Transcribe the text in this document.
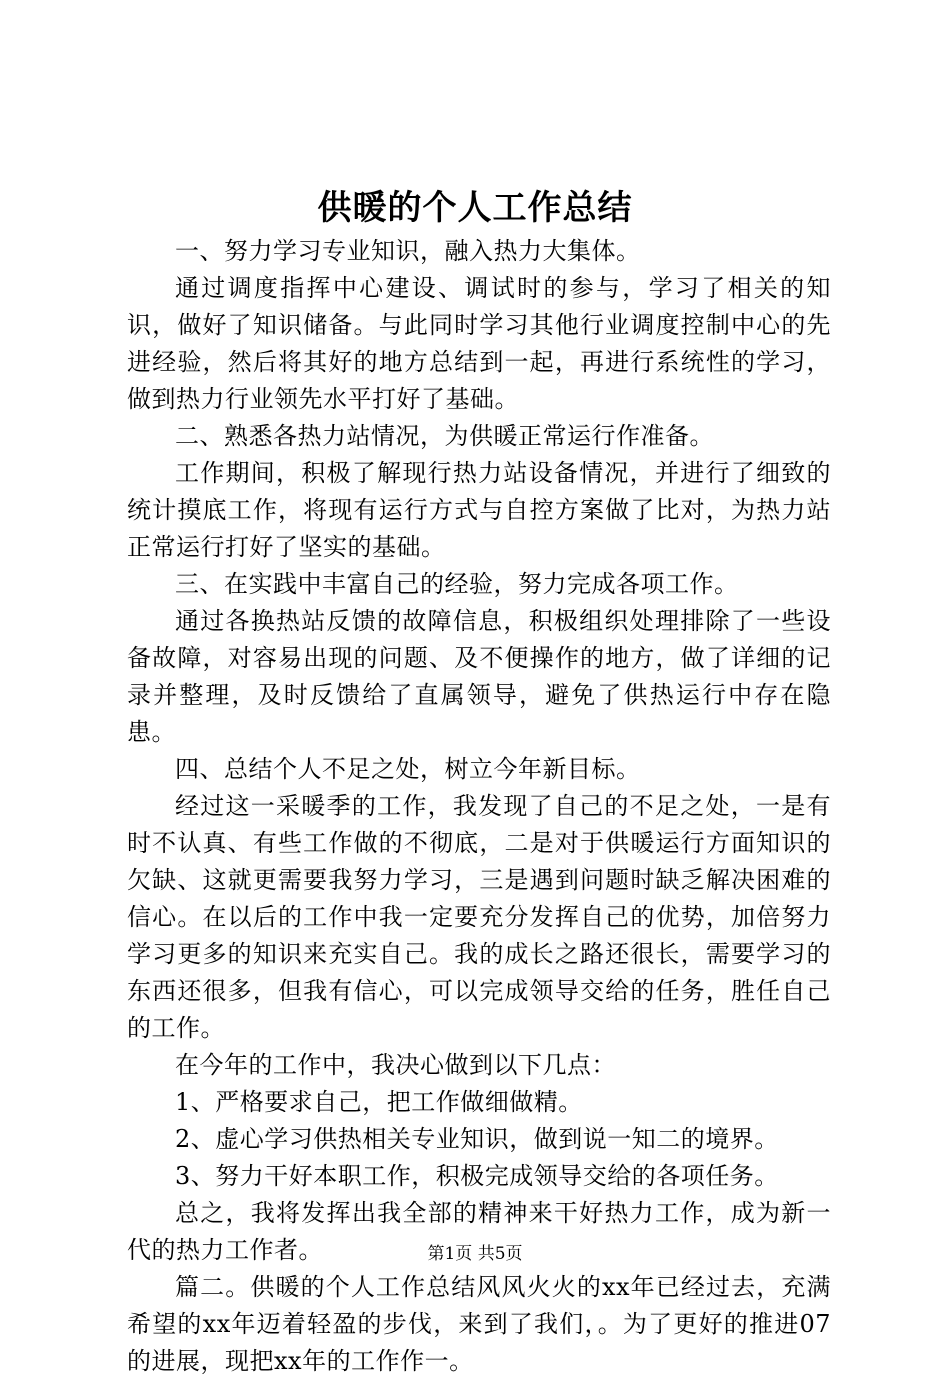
供暖的个人工作总结

一、努力学习专业知识，融入热力大集体。

通过调度指挥中心建设、调试时的参与，学习了相关的知识，做好了知识储备。与此同时学习其他行业调度控制中心的先进经验，然后将其好的地方总结到一起，再进行系统性的学习，做到热力行业领先水平打好了基础。

二、熟悉各热力站情况，为供暖正常运行作准备。

工作期间，积极了解现行热力站设备情况，并进行了细致的统计摸底工作，将现有运行方式与自控方案做了比对，为热力站正常运行打好了坚实的基础。

三、在实践中丰富自己的经验，努力完成各项工作。

通过各换热站反馈的故障信息，积极组织处理排除了一些设备故障，对容易出现的问题、及不便操作的地方，做了详细的记录并整理，及时反馈给了直属领导，避免了供热运行中存在隐患。

四、总结个人不足之处，树立今年新目标。

经过这一采暖季的工作，我发现了自己的不足之处，一是有时不认真、有些工作做的不彻底，二是对于供暖运行方面知识的欠缺、这就更需要我努力学习，三是遇到问题时缺乏解决困难的信心。在以后的工作中我一定要充分发挥自己的优势，加倍努力学习更多的知识来充实自己。我的成长之路还很长，需要学习的东西还很多，但我有信心，可以完成领导交给的任务，胜任自己的工作。

在今年的工作中，我决心做到以下几点：

1、严格要求自己，把工作做细做精。

2、虚心学习供热相关专业知识，做到说一知二的境界。

3、努力干好本职工作，积极完成领导交给的各项任务。

总之，我将发挥出我全部的精神来干好热力工作，成为新一代的热力工作者。

篇二。供暖的个人工作总结风风火火的xx年已经过去，充满希望的xx年迈着轻盈的步伐，来到了我们，。为了更好的推进07的进展，现把xx年的工作作一。

第1页 共5页
